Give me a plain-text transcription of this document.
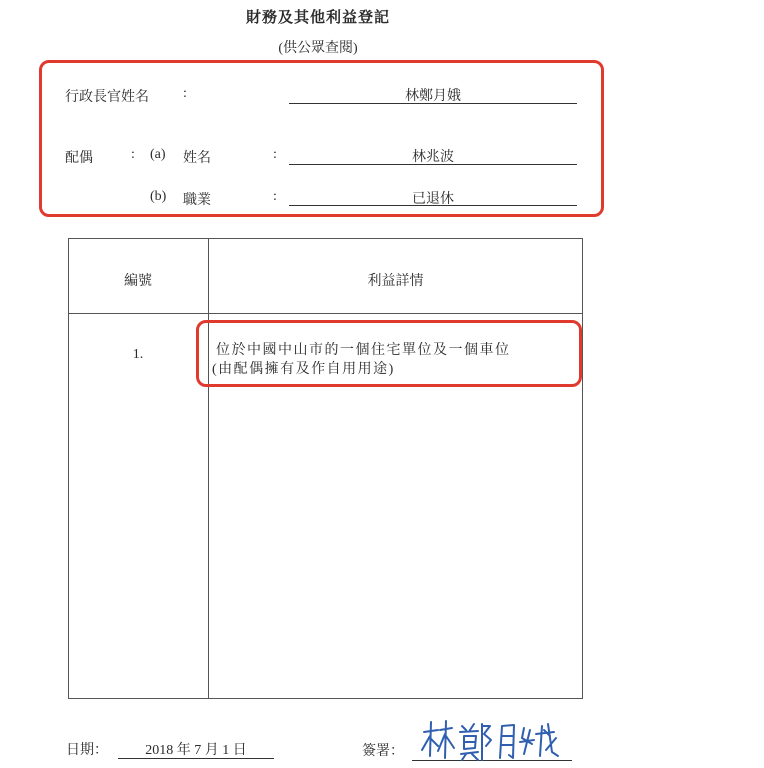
財務及其他利益登記
(供公眾查閱)
行政長官姓名 :	林鄭月娥
配偶	: (a) 姓名	:	林兆波
(b) 職業	:	已退休
編號	利益詳情
1.	位於中國中山市的一個住宅單位及一個車位
(由配偶擁有及作自用用途)
日期：	2018 年 7 月 1 日	簽署：
